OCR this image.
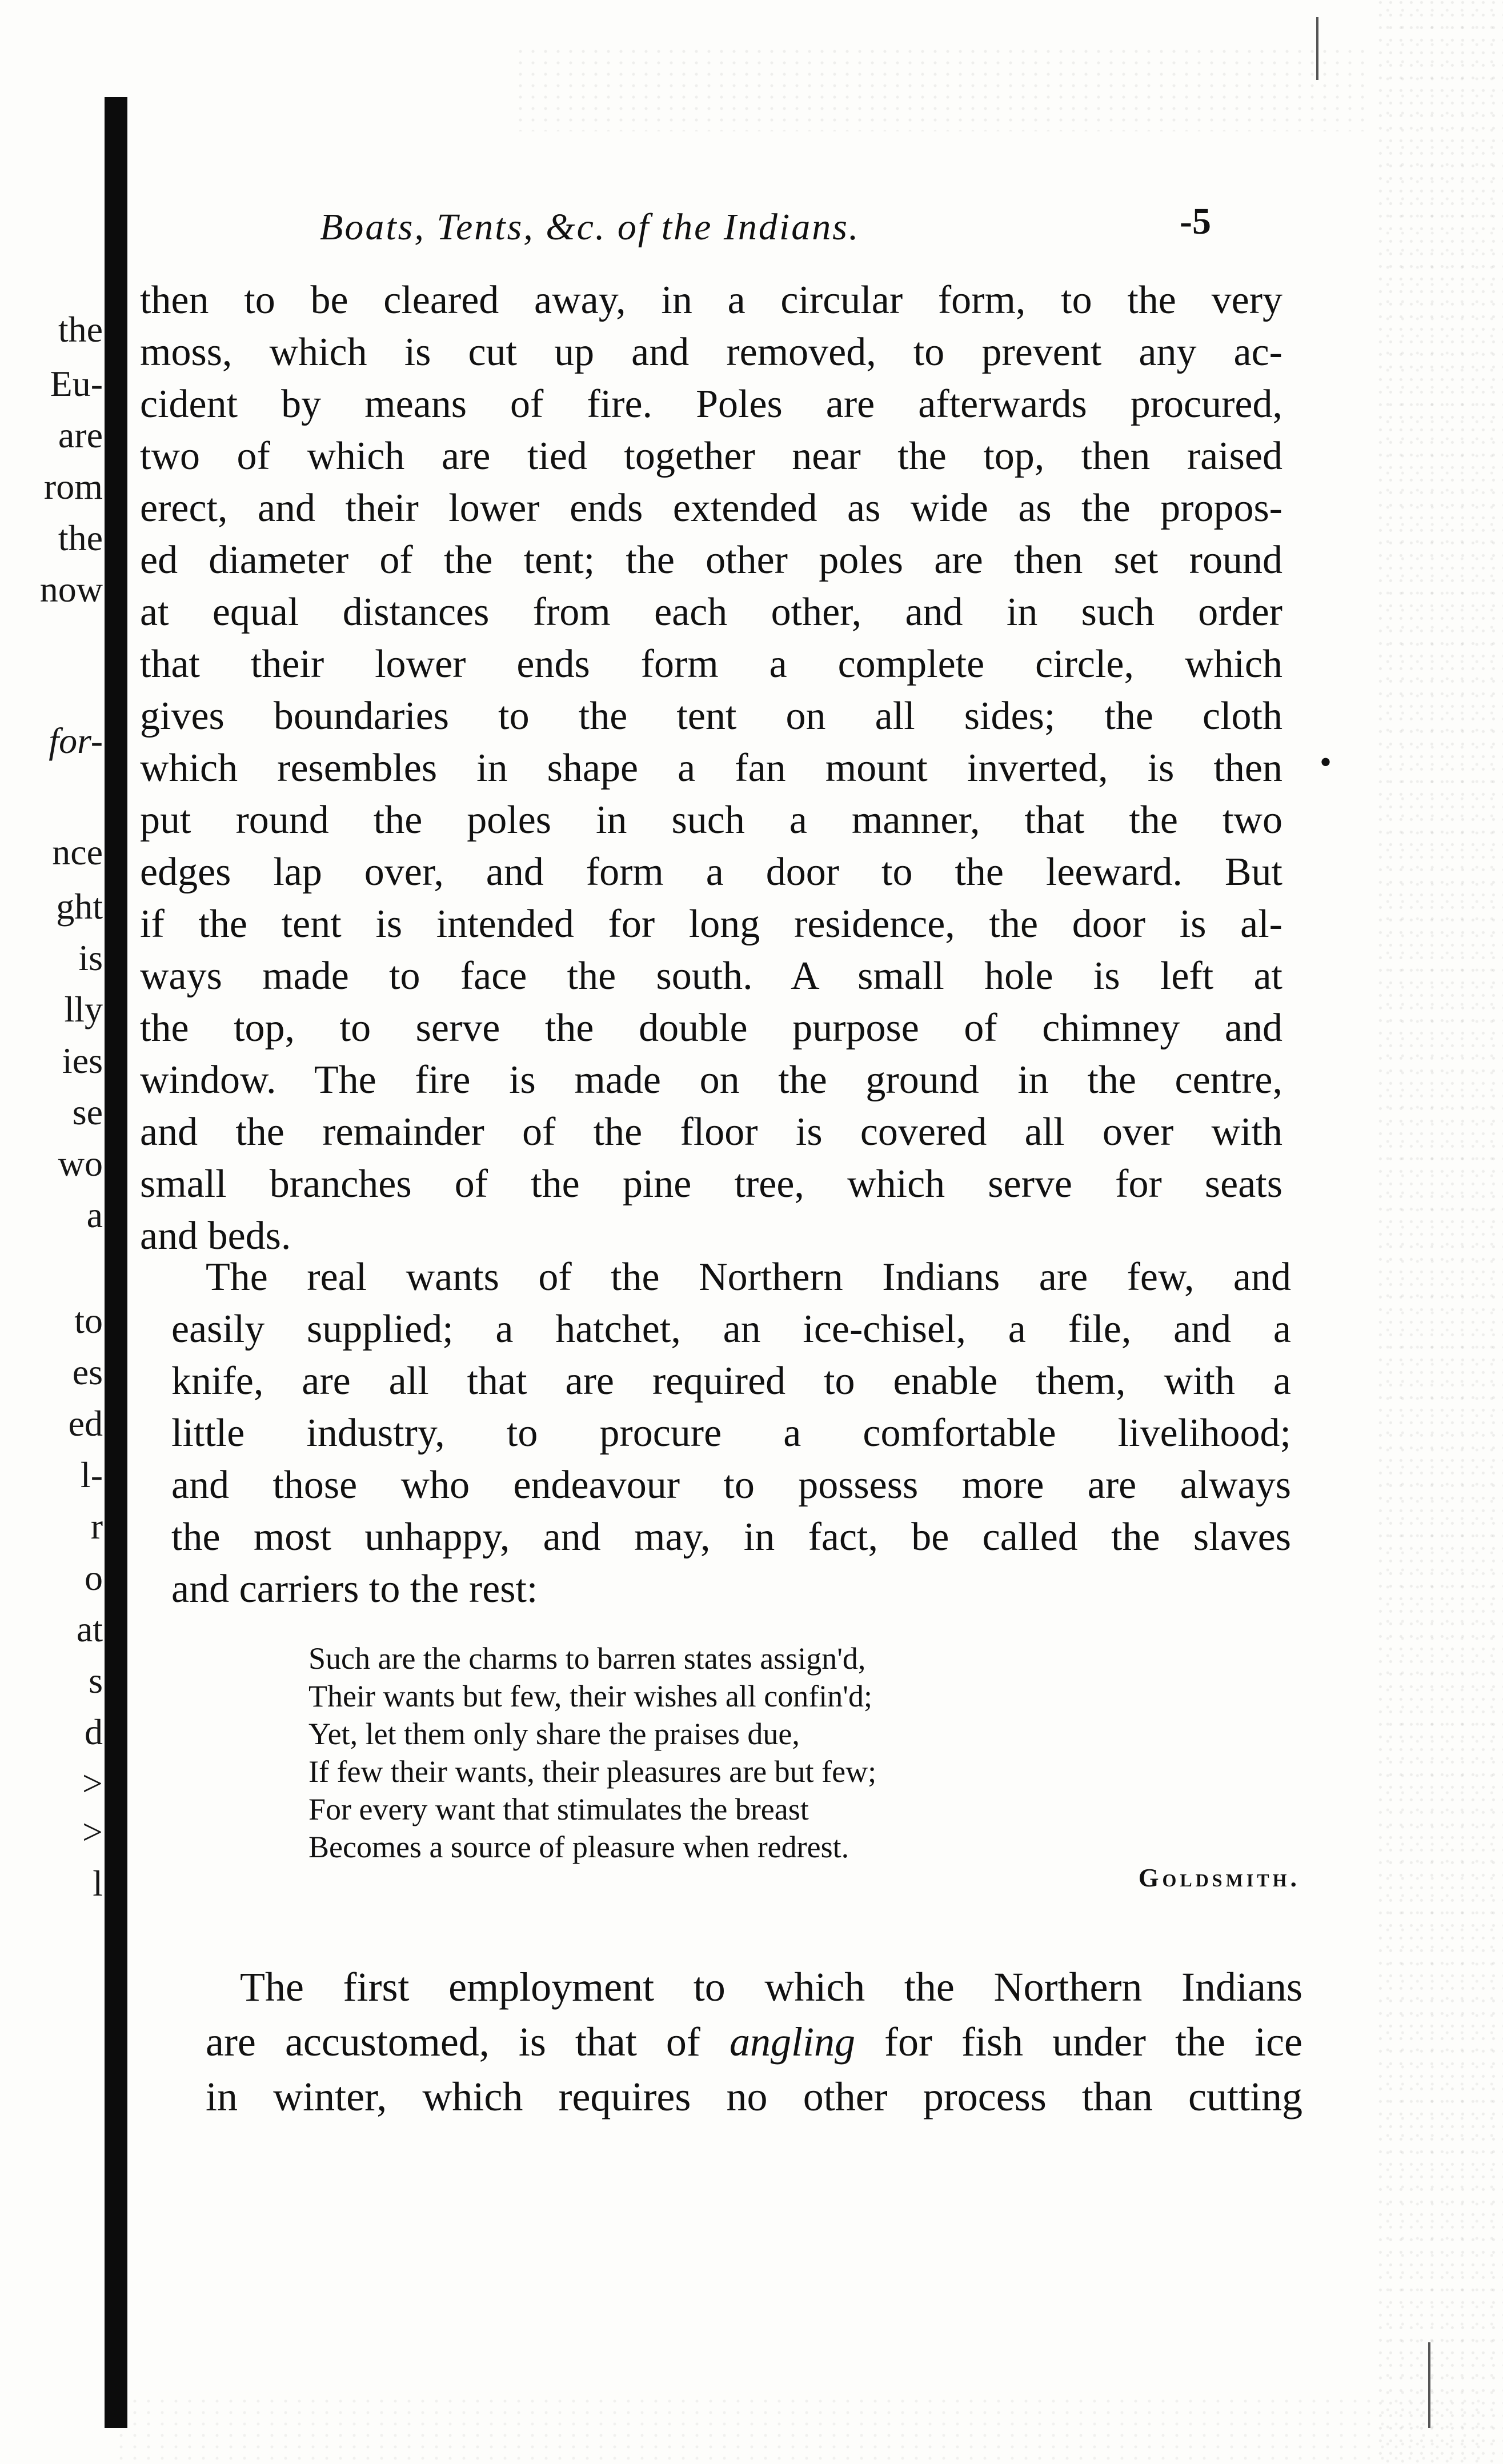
the
Eu-
are
rom
the
now
for-
nce
ght
is
lly
ies
se
wo
a
to
es
ed
l-
r
o
at
s
d
>
>
l
Boats, Tents, &c. of the Indians.	-5
then to be cleared away, in a circular form, to the very
moss, which is cut up and removed, to prevent any ac-
cident by means of fire. Poles are afterwards procured,
two of which are tied together near the top, then raised
erect, and their lower ends extended as wide as the propos-
ed diameter of the tent; the other poles are then set round
at equal distances from each other, and in such order
that their lower ends form a complete circle, which
gives boundaries to the tent on all sides; the cloth
which resembles in shape a fan mount inverted, is then
put round the poles in such a manner, that the two
edges lap over, and form a door to the leeward. But
if the tent is intended for long residence, the door is al-
ways made to face the south. A small hole is left at
the top, to serve the double purpose of chimney and
window. The fire is made on the ground in the centre,
and the remainder of the floor is covered all over with
small branches of the pine tree, which serve for seats
and beds.
•
The real wants of the Northern Indians are few, and
easily supplied; a hatchet, an ice-chisel, a file, and a
knife, are all that are required to enable them, with a
little industry, to procure a comfortable livelihood;
and those who endeavour to possess more are always
the most unhappy, and may, in fact, be called the slaves
and carriers to the rest:
Such are the charms to barren states assign'd,
Their wants but few, their wishes all confin'd;
Yet, let them only share the praises due,
If few their wants, their pleasures are but few;
For every want that stimulates the breast
Becomes a source of pleasure when redrest.
Goldsmith.
The first employment to which the Northern Indians
are accustomed, is that of angling for fish under the ice
in winter, which requires no other process than cutting
